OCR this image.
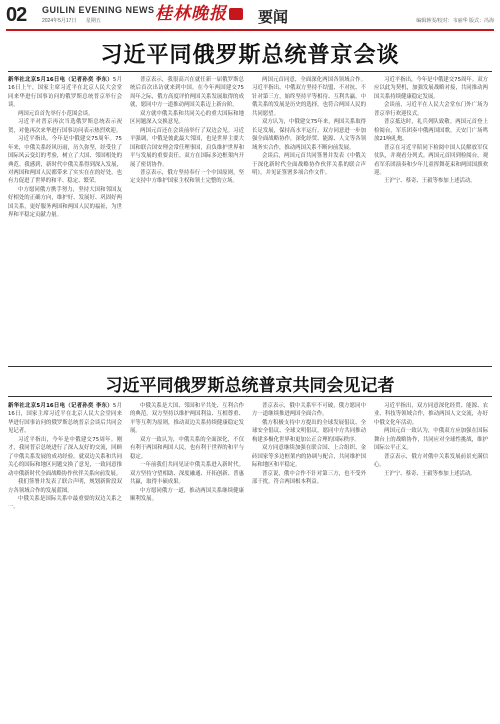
02 GUILIN EVENING NEWS
2024年5月17日 星期五	桂林晚报 要闻	编辑蒋雯/校对：韦丽华 版式：冯海
习近平同俄罗斯总统普京会谈

新华社北京5月16日电（记者孙奕 李东）5月16日上午，国家主席习近平在北京人民大会堂同来华进行国事访问的俄罗斯总统普京举行会谈。

两国元首首先举行小范围会谈。

习近平对普京再次当选俄罗斯总统表示祝贺，对他再次来华进行国事访问表示热烈欢迎。

习近平指出，今年是中俄建交75周年。75年来，中俄关系经风历雨，历久弥坚，经受住了国际风云变幻的考验，树立了大国、邻国相处的典范。我感到，新时代中俄关系得到深入发展，对两国和两国人民都带来了实实在在的好处，也有力促进了世界的和平、稳定、繁荣。

中方愿同俄方携手努力，坚持大国和邻国友好相处的正确方向，维护好、发展好、巩固好两国关系，更好服务两国和两国人民的福祉，为世界和平稳定贡献力量。

普京表示，我很高兴在就任新一届俄罗斯总统后首次出访就来到中国。在今年两国建交75周年之际，俄方高度评价两国关系发展取得的成就，愿同中方一道推动两国关系迈上新台阶。

双方就中俄关系和共同关心的重大国际和地区问题深入交换意见。

两国元首还在会谈前举行了双边会见。习近平强调，中俄是彼此最大邻国，也是世界主要大国和联合国安理会常任理事国，肩负维护世界和平与发展的重要责任。双方在国际多边框架内开展了密切协作。

普京表示，俄方坚持奉行一个中国原则，坚定支持中方维护国家主权和领土完整的立场。

两国元首同意，全面深化两国各领域合作。习近平指出，中俄双方坚持不结盟、不对抗、不针对第三方，始终坚持平等相待、互利共赢。中俄关系的发展是历史的选择，也符合两国人民的共同愿望。

双方认为，中俄建交75年来，两国关系取得长足发展，保持高水平运行。双方同意进一步加强全面战略协作，深化经贸、能源、人文等各领域务实合作，推动两国关系不断向前发展。

会谈后，两国元首共同签署并发表《中俄关于深化新时代全面战略协作伙伴关系的联合声明》，并见证签署多项合作文件。

习近平指出，今年是中俄建交75周年。双方应以此为契机，加强发展战略对接，共同推动两国关系持续健康稳定发展。

会谈前，习近平在人民大会堂东门外广场为普京举行欢迎仪式。

普京抵达时，礼兵列队致敬。两国元首登上检阅台，军乐团奏中俄两国国歌。天安门广场鸣放21响礼炮。

普京在习近平陪同下检阅中国人民解放军仪仗队，并观看分列式。两国元首回到检阅台，观看军乐团演奏和少年儿童挥舞花束和两国国旗欢迎。

王沪宁、蔡奇、王毅等参加上述活动。

习近平同俄罗斯总统普京共同会见记者

新华社北京5月16日电（记者孙奕 李东）5月16日，国家主席习近平在北京人民大会堂同来华进行国事访问的俄罗斯总统普京会谈后共同会见记者。

习近平指出，今年是中俄建交75周年。刚才，我同普京总统进行了深入友好的交流，回顾了中俄关系发展的成功经验，就双边关系和共同关心的国际和地区问题交换了意见，一致同意推动中俄新时代全面战略协作伙伴关系向前发展。

我们签署并发表了联合声明，规划新阶段双方各领域合作的发展蓝图。

中俄关系是国际关系中最重要的双边关系之一。

中俄关系是大国、邻国和平共处、互利合作的典范。双方坚持以维护两国利益、互相尊重、平等互利为原则，推动双边关系持续健康稳定发展。

双方一致认为，中俄关系的全面深化，不仅有利于两国和两国人民，也有利于世界的和平与稳定。

一年前我们共同见证中俄关系进入新时代。双方坚持守望相助、深度融通、开拓创新、普惠共赢，取得丰硕成果。

中方愿同俄方一道，推动两国关系继续健康顺利发展。

普京表示，俄中关系牢不可破，俄方愿同中方一道继续推进两国全面合作。

俄方积极支持中方提出的全球发展倡议、全球安全倡议、全球文明倡议，愿同中方共同推动构建多极化世界和更加公正合理的国际秩序。

双方同意继续加强在联合国、上合组织、金砖国家等多边框架内的协调与配合，共同维护国际和地区和平稳定。

普京说，俄中合作不针对第三方，也不受外部干扰，符合两国根本利益。

习近平指出，双方同意深化经贸、能源、农业、科技等领域合作，推动两国人文交流，办好中俄文化年活动。

两国元首一致认为，中俄双方应加强在国际舞台上的战略协作，共同应对全球性挑战，维护国际公平正义。

普京表示，俄方对俄中关系发展前景充满信心。

王沪宁、蔡奇、王毅等参加上述活动。
